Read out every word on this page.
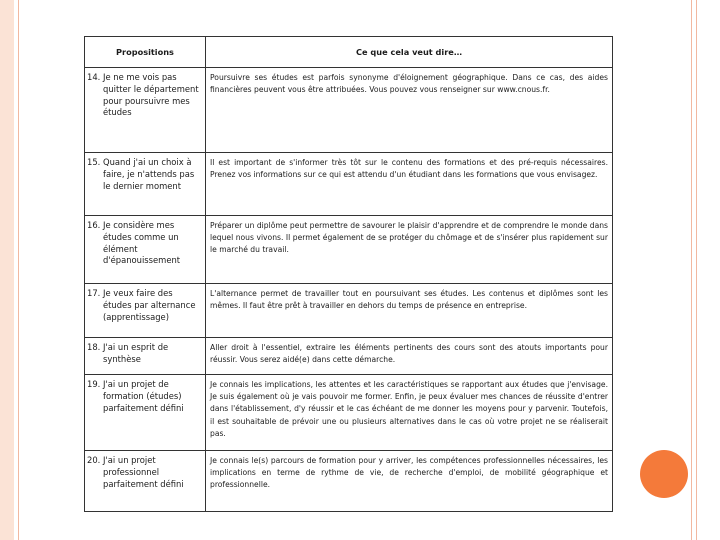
Propositions	Ce que cela veut dire…

14. Je ne me vois pas quitter le département pour poursuivre mes études	Poursuivre ses études est parfois synonyme d'éloignement géographique. Dans ce cas, des aides financières peuvent vous être attribuées. Vous pouvez vous renseigner sur www.cnous.fr.

15. Quand j'ai un choix à faire, je n'attends pas le dernier moment	Il est important de s'informer très tôt sur le contenu des formations et des pré-requis nécessaires. Prenez vos informations sur ce qui est attendu d'un étudiant dans les formations que vous envisagez.

16. Je considère mes études comme un élément d'épanouissement	Préparer un diplôme peut permettre de savourer le plaisir d'apprendre et de comprendre le monde dans lequel nous vivons. Il permet également de se protéger du chômage et de s'insérer plus rapidement sur le marché du travail.

17. Je veux faire des études par alternance (apprentissage)	L'alternance permet de travailler tout en poursuivant ses études. Les contenus et diplômes sont les mêmes. Il faut être prêt à travailler en dehors du temps de présence en entreprise.

18. J'ai un esprit de synthèse	Aller droit à l'essentiel, extraire les éléments pertinents des cours sont des atouts importants pour réussir. Vous serez aidé(e) dans cette démarche.

19. J'ai un projet de formation (études) parfaitement défini	Je connais les implications, les attentes et les caractéristiques se rapportant aux études que j'envisage. Je suis également où je vais pouvoir me former. Enfin, je peux évaluer mes chances de réussite d'entrer dans l'établissement, d'y réussir et le cas échéant de me donner les moyens pour y parvenir. Toutefois, il est souhaitable de prévoir une ou plusieurs alternatives dans le cas où votre projet ne se réaliserait pas.

20. J'ai un projet professionnel parfaitement défini	Je connais le(s) parcours de formation pour y arriver, les compétences professionnelles nécessaires, les implications en terme de rythme de vie, de recherche d'emploi, de mobilité géographique et professionnelle.
